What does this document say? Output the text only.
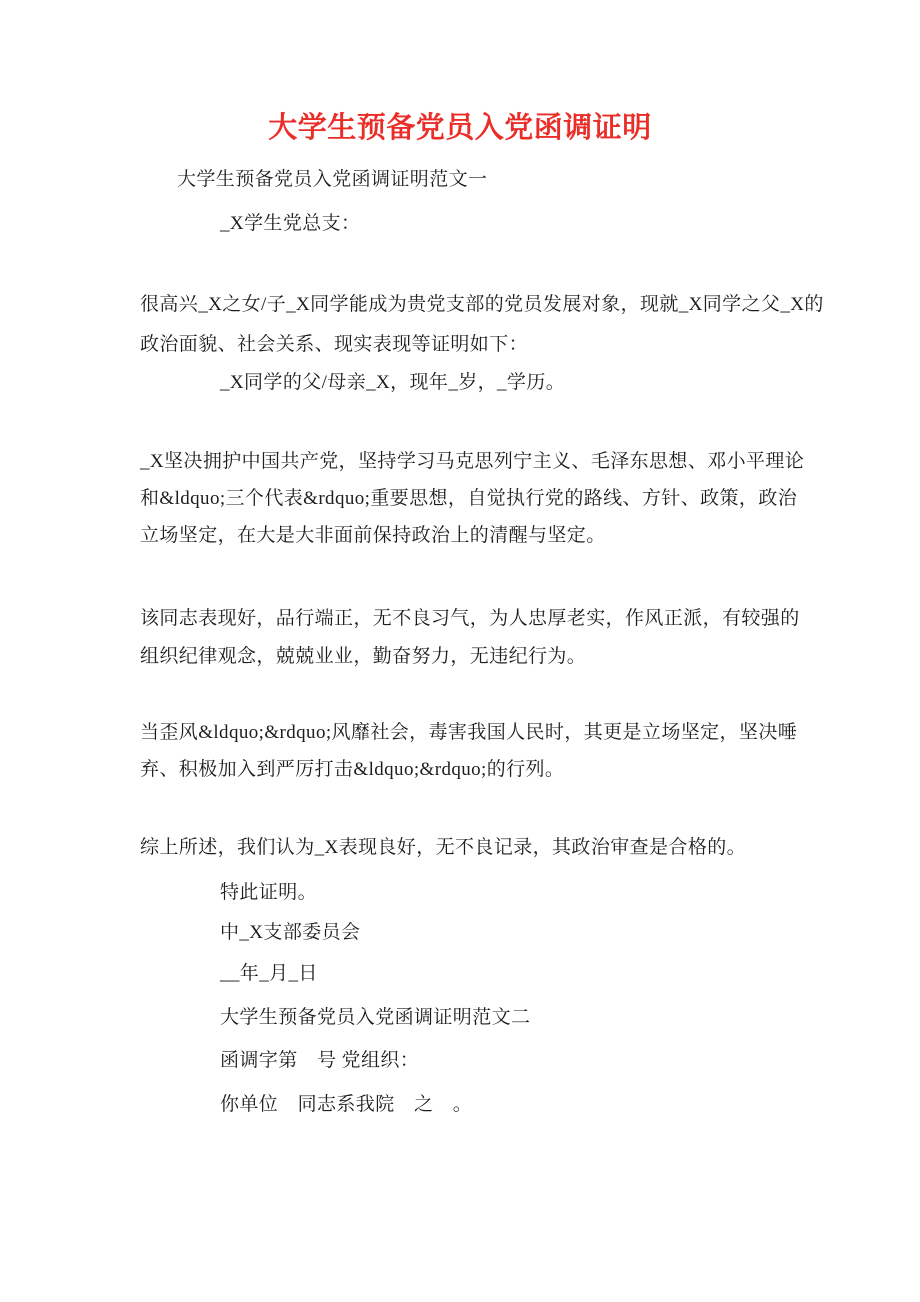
大学生预备党员入党函调证明

大学生预备党员入党函调证明范文一

_X学生党总支：

很高兴_X之女/子_X同学能成为贵党支部的党员发展对象，现就_X同学之父_X的

政治面貌、社会关系、现实表现等证明如下：

_X同学的父/母亲_X，现年_岁，_学历。

_X坚决拥护中国共产党，坚持学习马克思列宁主义、毛泽东思想、邓小平理论

和&ldquo;三个代表&rdquo;重要思想，自觉执行党的路线、方针、政策，政治

立场坚定，在大是大非面前保持政治上的清醒与坚定。

该同志表现好，品行端正，无不良习气，为人忠厚老实，作风正派，有较强的

组织纪律观念，兢兢业业，勤奋努力，无违纪行为。

当歪风&ldquo;&rdquo;风靡社会，毒害我国人民时，其更是立场坚定，坚决唾

弃、积极加入到严厉打击&ldquo;&rdquo;的行列。

综上所述，我们认为_X表现良好，无不良记录，其政治审查是合格的。

特此证明。

中_X支部委员会

__年_月_日

大学生预备党员入党函调证明范文二

函调字第　号 党组织：

你单位　同志系我院　之　。
